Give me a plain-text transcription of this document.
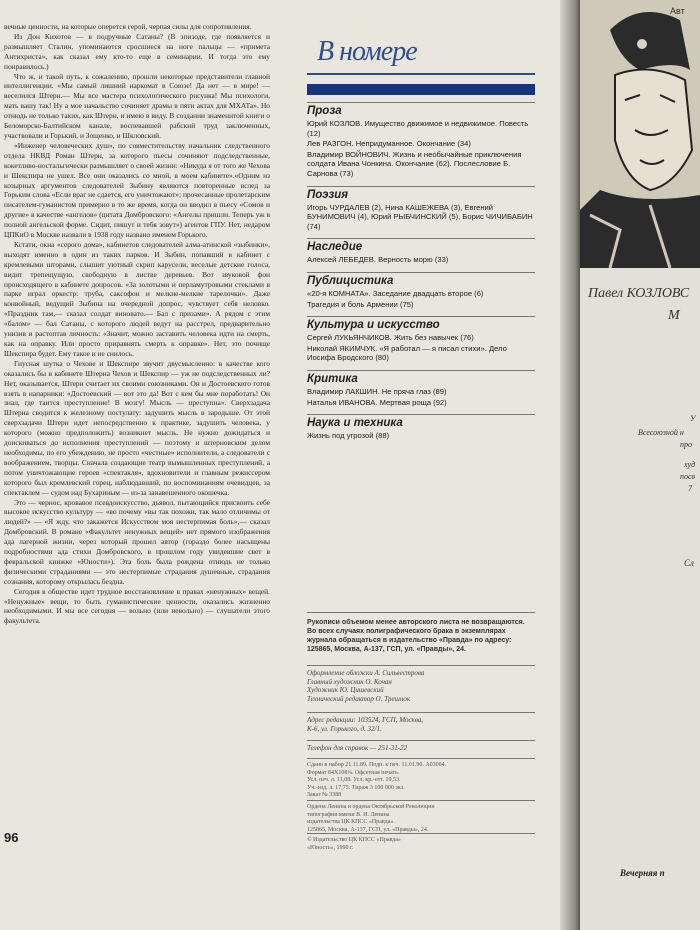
вечные ценности, на которые оперется герой, черпая силы для сопротивления.

Из Дон Кихотов — в подручные Сатаны? (В эпизоде, где появляется и размышляет Сталин, упоминаются сросшиеся на ноге пальцы — «примета Антихриста», как сказал ему кто-то еще в семинарии. И тогда это ему понравилось.)

Что ж, и такой путь, к сожалению, прошли некоторые представители главной интеллигенции. «Мы самый лишний наркомат в Союзе! Да нет — в мире! — веселился Штерн.— Мы все мастера психологического рисунка! Мы психологи, мать вашу так! Ну а мое начальство сочиняет драмы в пяти актах для МХАТа». Но отнюдь не только таких, как Штерн, и имею в виду. В создании знаменитой книги о Беломорско-Балтийском канале, воспевавшей рабский труд заключенных, участвовали и Горький, и Зощенко, и Шкловский.

«Инженер человеческих душ», по совместительству начальник следственного отдела НКВД Роман Штерн, за которого пьесы сочиняют подследственные, кокетливо-ностальгически размышляет о своей жизни: «Никуда я от того же Чехова и Шекспира не ушел. Все они оказались со мной, в моем кабинете».«Одним из козырных аргументов следователей Зыбину являются повторенные вслед за Горьким слова «Если враг не сдается, его уничтожают»; прочесанные пролетарским писателем-гуманистом примерно в то же время, когда он вводил в пьесу «Сомов и другие» в качестве «ангелов» (цитата Домбровского: «Ангелы пришли. Теперь уж в полной ангельской форме. Сидит, пишут и тебя зовут») агентов ГПУ. Нет, недаром ЦПКиО в Москве назвали в 1938 году названо именем Горького.

Кстати, окна «серого дома», кабинетов следователей алма-атинской «зыбинки», выходят именно в один из таких парков. И Зыбин, попавший в кабинет с кремлевыми шторами, слышит уютный скрип карусели, веселые детские голоса, видит трепещущую, свободную в листве деревьев. Вот звуковой фон происходящего в кабинете допросов. «За золотыми и перламутровыми стеклами в парке играл оркестр: труба, саксофон и мелкие-мелкие тарелочки». Даже конвойный, ведущий Зыбина на очередной допрос, чувствует себя неловко. «Праздник там,— сказал солдат виновато.— Бал с призами». А рядом с этим «балом» — бал Сатаны, с которого людей ведут на расстрел, предварительно унизив и растоптав личность: «Значит, можно заставить человека идти на смерть, как на оправку. Или просто приравнять смерть к оправке». Нет, это почище Шекспира будет. Ему такое и не снилось.

Гнусная шутка о Чехове и Шекспире звучит двусмысленно: в качестве кого оказались бы в кабинете Штерна Чехов и Шекспир — уж не подследственных ли? Нет, оказывается, Штерн считает их своими союзниками. Он и Достоевского готов взять в напарники: «Достоевский — вот это да! Вот с кем бы мне поработать! Он знал, где таится преступление! В мозгу! Мысль — преступна». Сверхзадача Штерна сводится к железному постулату: задушить мысль в зародыше. От этой сверхзадачи Штерн идет непосредственно к практике, задушить человека, у которого (можно предположить) возникнет мысль. Не нужно дожидаться и доискиваться до исполнения преступлений — поэтому и штерновским делом необходимы, по его убеждению, не просто «честные» исполнители, а следователи с воображением, творцы. Сначала создающие театр вымышленных преступлений, а потом уничтожающие героев «спектакля», вдохновители и главным режиссером которого был кремлевский горец, наблюдавший, по воспоминаниям очевидцев, за спектаклем — судом над Бухариным — из-за занавешенного окошечка.

Это — чернос, кровавое псевдоискусство, дьявол, пытающийся присвоить себе высокое искусство культуру — «во почему «вы так похожи, так мало отличимы от людей?» — «Я жду, что закажется Искусством моя нестерпимая боль»,— сказал Домбровский. В романе «Факультет ненужных вещей» нет прямого изображения ада лагерной жизни, через который прошел автор (гораздо более насыщены подробностями ада стихи Домбровского, в прошлом году увидевшие свет в февральской книжке «Юности»). Эта боль была рождена отнюдь не только физическими страданиями — это нестерпимые страдания душевные, страдания сознания, которому открылась бездна.

Сегодня в обществе идет трудное восстановление в правах «ненужных» вещей. «Ненужные» вещи, то быть гуманистические ценности, оказались жизненно необходимыми. И мы все сегодня — вольно (или невольно) — слушатели этого факультета.

96
В номере
Проза
Юрий КОЗЛОВ. Имущество движимое и недвижимое. Повесть (12)
Лев РАЗГОН. Непридуманное. Окончание (34)
Владимир ВОЙНОВИЧ. Жизнь и необычайные приключения солдата Ивана Чонкина. Окончание (62). Послесловие Б. Сарнова (73)
Поэзия
Игорь ЧУРДАЛЕВ (2), Нина КАШЕЖЕВА (3), Евгений БУНИМОВИЧ (4), Юрий РЫБЧИНСКИЙ (5), Борис ЧИЧИБАБИН (74)
Наследие
Алексей ЛЕБЕДЕВ. Верность морю (33)
Публицистика
«20-я КОМНАТА». Заседание двадцать второе (6)
Трагедия и боль Армении (75)
Культура и искусство
Сергей ЛУКЬЯНЧИКОВ. Жить без навычек (76)
Николай ЯКИМЧУК. «Я работал — я писал стихи». Дело Иосифа Бродского (80)
Критика
Владимир ЛАКШИН. Не пряча глаз (89)
Наталья ИВАНОВА. Мертвая роща (92)
Наука и техника
Жизнь под угрозой (88)
Рукописи объемом менее авторского листа не возвращаются.
Во всех случаях полиграфического брака в экземплярах журнала обращаться в издательство «Правда» по адресу: 125865, Москва, А-137, ГСП, ул. «Правды», 24.
Оформление обложки А. Сильвестрова
Главный художник О. Кочан
Художник Ю. Цишевский
Технический редактор О. Трешнок
Адрес редакции: 103524, ГСП, Москва,
К-6, ул. Горького, д. 32/1.
Телефон для справок — 251-31-22
Сдано в набор 21.11.89. Подп. к печ. 11.01.90. А03004.
Формат 84Х108⅛. Офсетная печать.
Усл. печ. л. 11,08. Усл. кр.-отт. 19,53.
Уч.-изд. л. 17,75. Тираж 3 100 000 экз.
Заказ № 3388
Ордена Ленина и ордена Октябрьской Революции
типография имени В. И. Ленина
издательства ЦК КПСС «Правда».
125865, Москва, А-137, ГСП, ул. «Правды», 24.
© Издательство ЦК КПСС «Правда»
«Юность», 1990 г.
Авт
Павел КОЗЛОВС
М
У
Всесоюзной н
про
худ
посв
7
Сл
Вечерняя п
